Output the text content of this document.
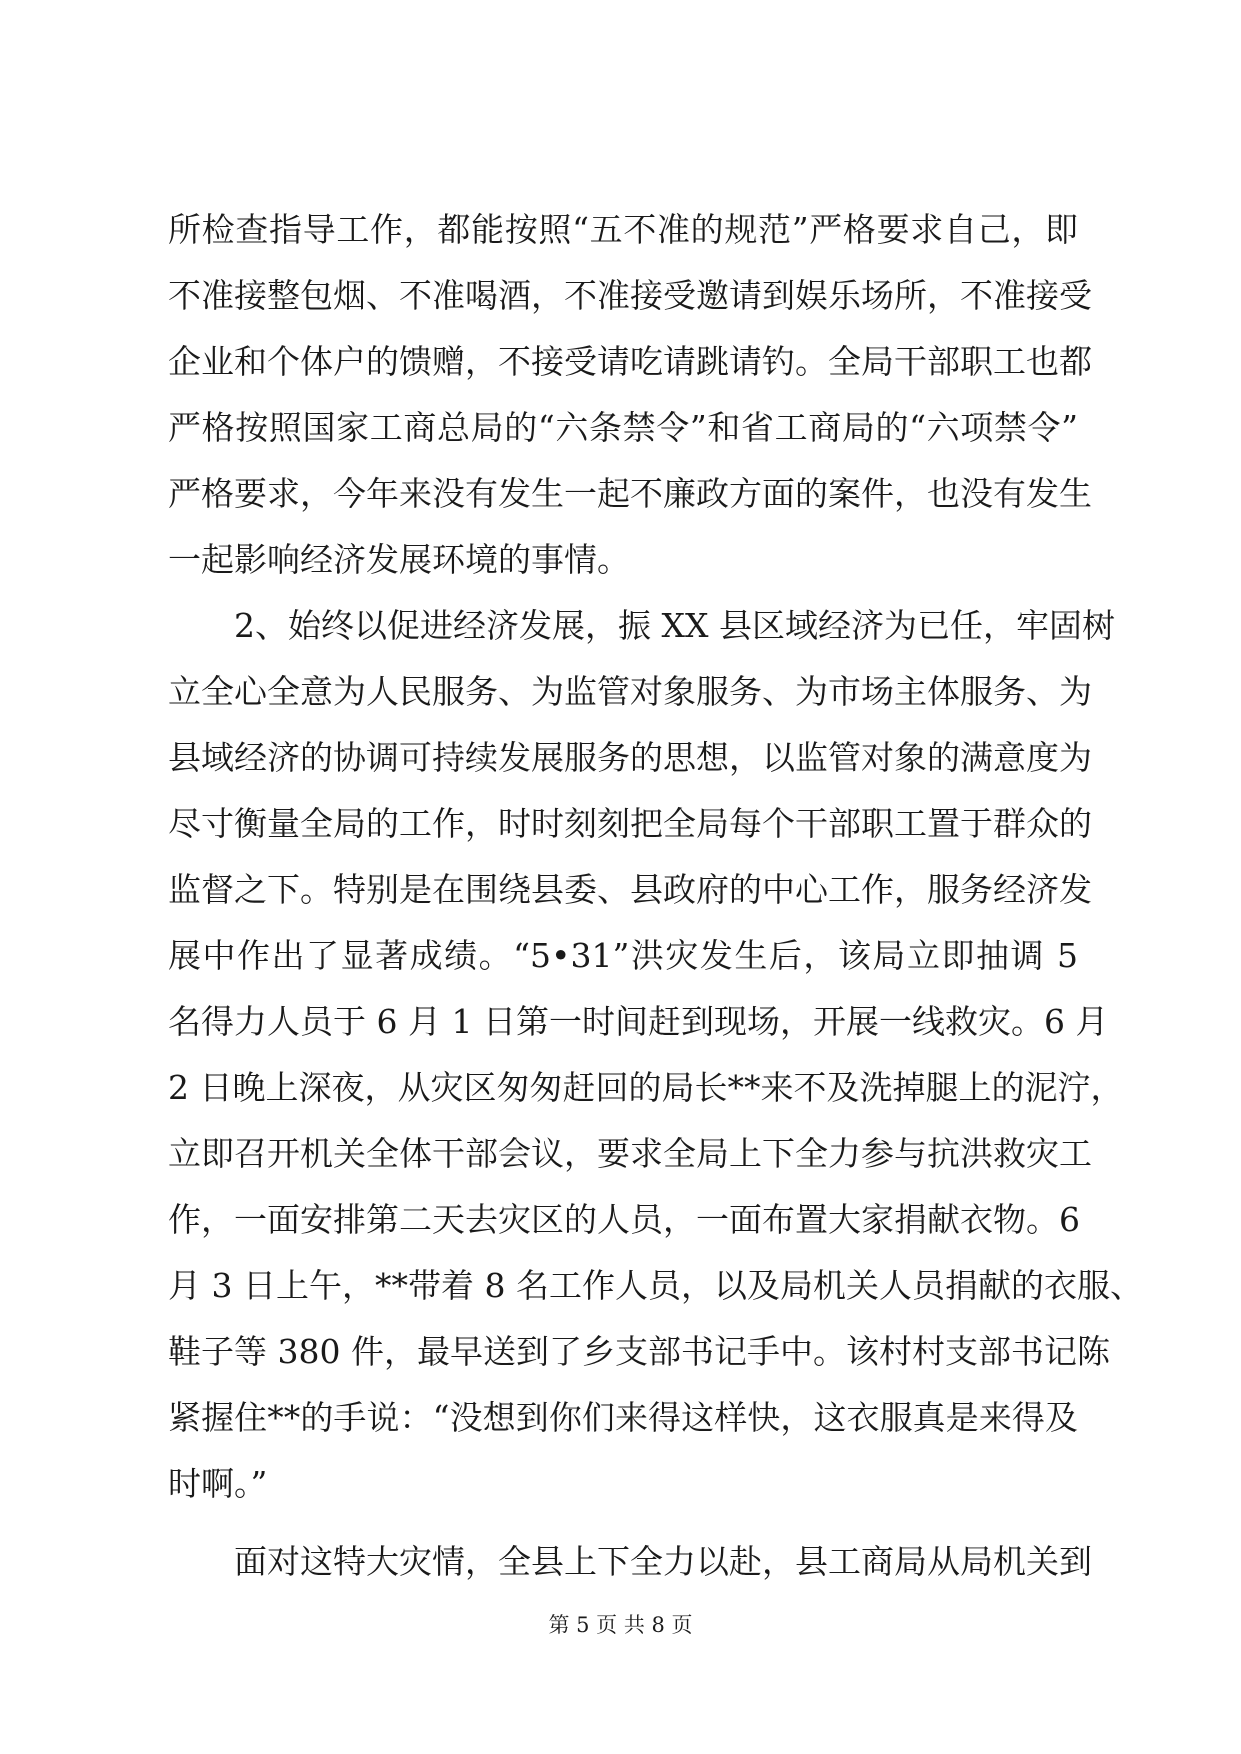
所检查指导工作，都能按照“五不准的规范”严格要求自己，即
不准接整包烟、不准喝酒，不准接受邀请到娱乐场所，不准接受
企业和个体户的馈赠，不接受请吃请跳请钓。全局干部职工也都
严格按照国家工商总局的“六条禁令”和省工商局的“六项禁令”
严格要求，今年来没有发生一起不廉政方面的案件，也没有发生
一起影响经济发展环境的事情。
2、始终以促进经济发展，振 XX 县区域经济为已任，牢固树
立全心全意为人民服务、为监管对象服务、为市场主体服务、为
县域经济的协调可持续发展服务的思想，以监管对象的满意度为
尽寸衡量全局的工作，时时刻刻把全局每个干部职工置于群众的
监督之下。特别是在围绕县委、县政府的中心工作，服务经济发
展中作出了显著成绩。“5•31”洪灾发生后，该局立即抽调 5
名得力人员于 6 月 1 日第一时间赶到现场，开展一线救灾。6 月
2 日晚上深夜，从灾区匆匆赶回的局长**来不及洗掉腿上的泥泞，
立即召开机关全体干部会议，要求全局上下全力参与抗洪救灾工
作，一面安排第二天去灾区的人员，一面布置大家捐献衣物。6
月 3 日上午，**带着 8 名工作人员，以及局机关人员捐献的衣服、
鞋子等 380 件，最早送到了乡支部书记手中。该村村支部书记陈
紧握住**的手说：“没想到你们来得这样快，这衣服真是来得及
时啊。”
面对这特大灾情，全县上下全力以赴，县工商局从局机关到
第 5 页 共 8 页
